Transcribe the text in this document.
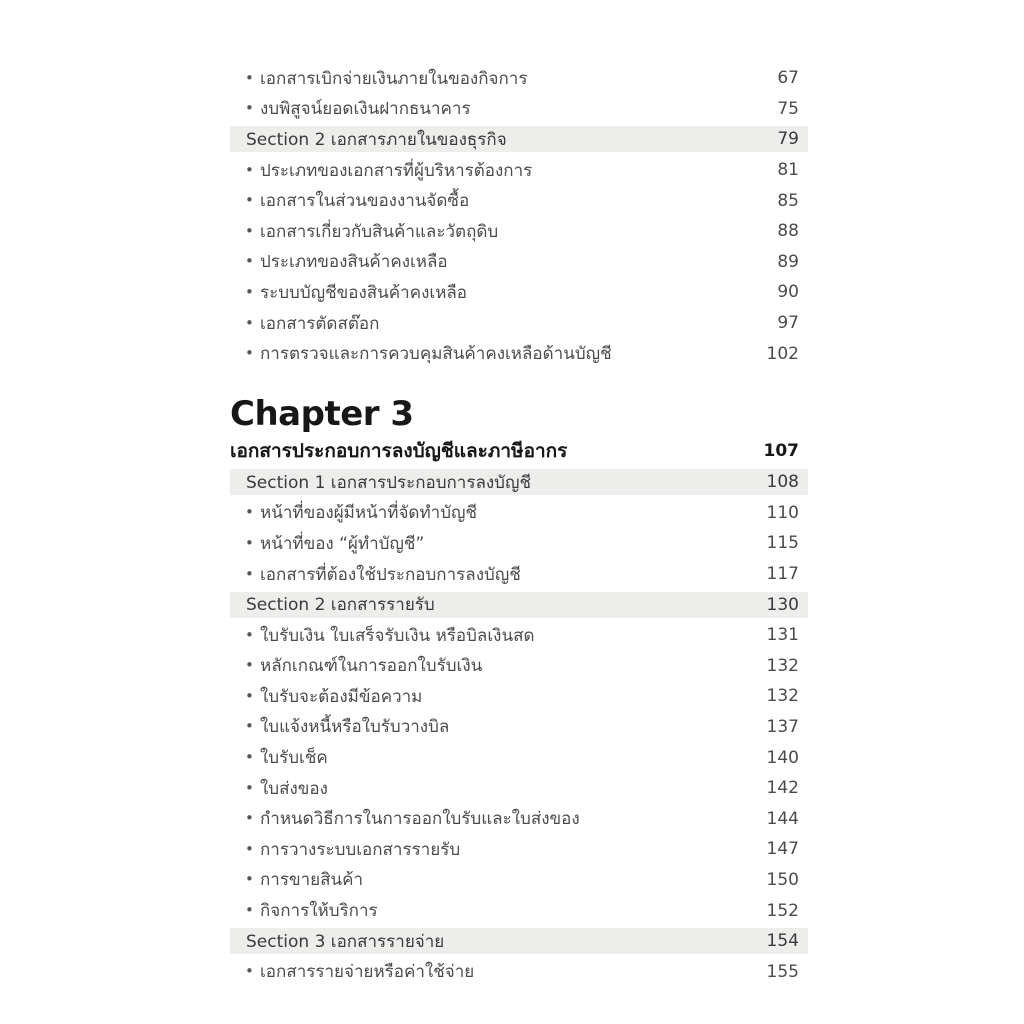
• เอกสารเบิกจ่ายเงินภายในของกิจการ	67
• งบพิสูจน์ยอดเงินฝากธนาคาร	75
Section 2 เอกสารภายในของธุรกิจ	79
• ประเภทของเอกสารที่ผู้บริหารต้องการ	81
• เอกสารในส่วนของงานจัดซื้อ	85
• เอกสารเกี่ยวกับสินค้าและวัตถุดิบ	88
• ประเภทของสินค้าคงเหลือ	89
• ระบบบัญชีของสินค้าคงเหลือ	90
• เอกสารตัดสต๊อก	97
• การตรวจและการควบคุมสินค้าคงเหลือด้านบัญชี	102
Chapter 3
เอกสารประกอบการลงบัญชีและภาษีอากร	107
Section 1 เอกสารประกอบการลงบัญชี	108
• หน้าที่ของผู้มีหน้าที่จัดทำบัญชี	110
• หน้าที่ของ “ผู้ทำบัญชี”	115
• เอกสารที่ต้องใช้ประกอบการลงบัญชี	117
Section 2 เอกสารรายรับ	130
• ใบรับเงิน ใบเสร็จรับเงิน หรือบิลเงินสด	131
• หลักเกณฑ์ในการออกใบรับเงิน	132
• ใบรับจะต้องมีข้อความ	132
• ใบแจ้งหนี้หรือใบรับวางบิล	137
• ใบรับเช็ค	140
• ใบส่งของ	142
• กำหนดวิธีการในการออกใบรับและใบส่งของ	144
• การวางระบบเอกสารรายรับ	147
• การขายสินค้า	150
• กิจการให้บริการ	152
Section 3 เอกสารรายจ่าย	154
• เอกสารรายจ่ายหรือค่าใช้จ่าย	155
